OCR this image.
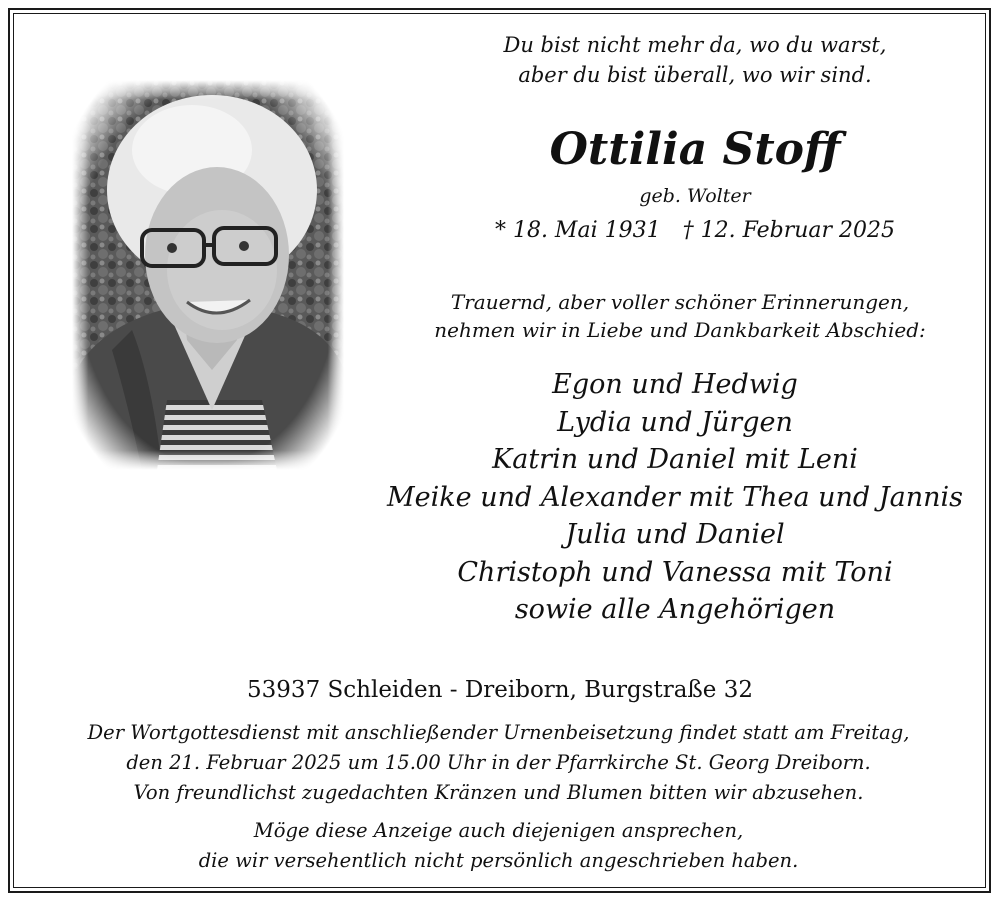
Du bist nicht mehr da, wo du warst,
aber du bist überall, wo wir sind.
Ottilia Stoff
geb. Wolter
* 18. Mai 1931 † 12. Februar 2025
Trauernd, aber voller schöner Erinnerungen,
nehmen wir in Liebe und Dankbarkeit Abschied:
Egon und Hedwig
Lydia und Jürgen
Katrin und Daniel mit Leni
Meike und Alexander mit Thea und Jannis
Julia und Daniel
Christoph und Vanessa mit Toni
sowie alle Angehörigen
53937 Schleiden - Dreiborn, Burgstraße 32
Der Wortgottesdienst mit anschließender Urnenbeisetzung findet statt am Freitag,
den 21. Februar 2025 um 15.00 Uhr in der Pfarrkirche St. Georg Dreiborn.
Von freundlichst zugedachten Kränzen und Blumen bitten wir abzusehen.
Möge diese Anzeige auch diejenigen ansprechen,
die wir versehentlich nicht persönlich angeschrieben haben.
